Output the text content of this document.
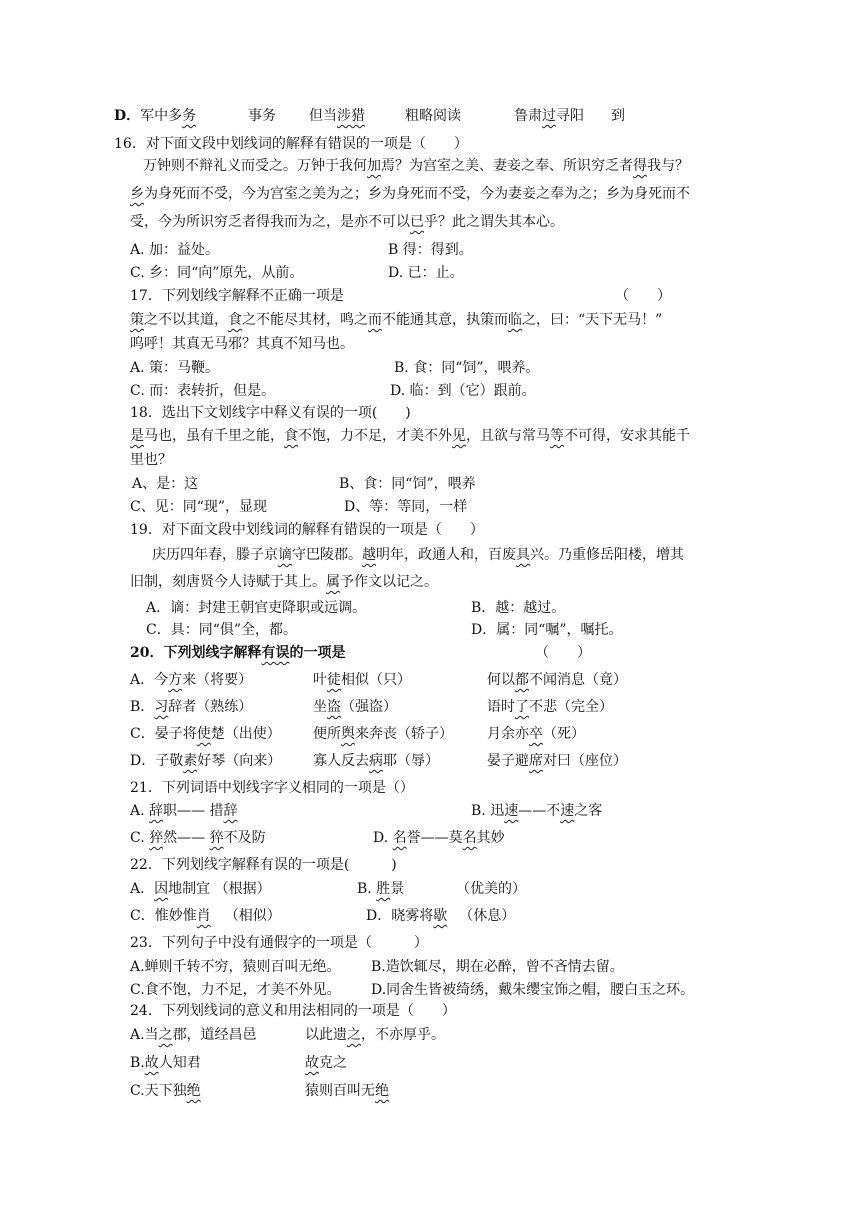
D．军中多务	事务 但当涉猎	粗略阅读	鲁肃过寻阳 到
16．对下面文段中划线词的解释有错误的一项是（　　）
万钟则不辩礼义而受之。万钟于我何加焉？为宫室之美、妻妾之奉、所识穷乏者得我与？
乡为身死而不受，今为宫室之美为之；乡为身死而不受，今为妻妾之奉为之；乡为身死而不
受，今为所识穷乏者得我而为之，是亦不可以已乎？此之谓失其本心。
A. 加：益处。	B 得：得到。
C. 乡：同“向”原先，从前。	D. 已：止。
17．下列划线字解释不正确一项是	（　　）
策之不以其道，食之不能尽其材，鸣之而不能通其意，执策而临之，曰：“天下无马！”
呜呼！其真无马邪？其真不知马也。
A. 策：马鞭。	B. 食：同“饲”，喂养。
C. 而：表转折，但是。	D. 临：到（它）跟前。
18．选出下文划线字中释义有误的一项(　　)
是马也，虽有千里之能，食不饱，力不足，才美不外见，且欲与常马等不可得，安求其能千
里也？
A、是：这	B、食：同“饲”，喂养
C、见：同“现”，显现	D、等：等同，一样
19．对下面文段中划线词的解释有错误的一项是（　　）
庆历四年春，滕子京谪守巴陵郡。越明年，政通人和，百废具兴。乃重修岳阳楼，增其
旧制，刻唐贤今人诗赋于其上。属予作文以记之。
A．谪：封建王朝官吏降职或远调。	B．越：越过。
C．具：同“俱”全，都。	D．属：同“嘱”，嘱托。
20．下列划线字解释有误的一项是	（　　）
A．今方来（将要）	叶徒相似（只）	何以都不闻消息（竟）
B．习辞者（熟练）	坐盗（强盗）	语时了不悲（完全）
C．晏子将使楚（出使） 便所舆来奔丧（轿子） 月余亦卒（死）
D．子敬素好琴（向来） 寡人反去病耶（辱）	晏子避席对曰（座位）
21．下列词语中划线字字义相同的一项是（）
A. 辞职—— 措辞	B. 迅速——不速之客
C. 猝然—— 猝不及防	D. 名誉——莫名其妙
22．下列划线字解释有误的一项是(　　　)
A．因地制宜 （根据）	B. 胜景	（优美的）
C．惟妙惟肖 （相似）	D．晓雾将歇 （休息）
23．下列句子中没有通假字的一项是（　　　）
A.蝉则千转不穷，猿则百叫无绝。 B.造饮辄尽，期在必醉，曾不吝情去留。
C.食不饱，力不足，才美不外见。 D.同舍生皆被绮绣，戴朱缨宝饰之帽，腰白玉之环。
24．下列划线词的意义和用法相同的一项是（　　）
A.当之郡，道经昌邑	以此遗之，不亦厚乎。
B.故人知君	故克之
C.天下独绝	猿则百叫无绝
